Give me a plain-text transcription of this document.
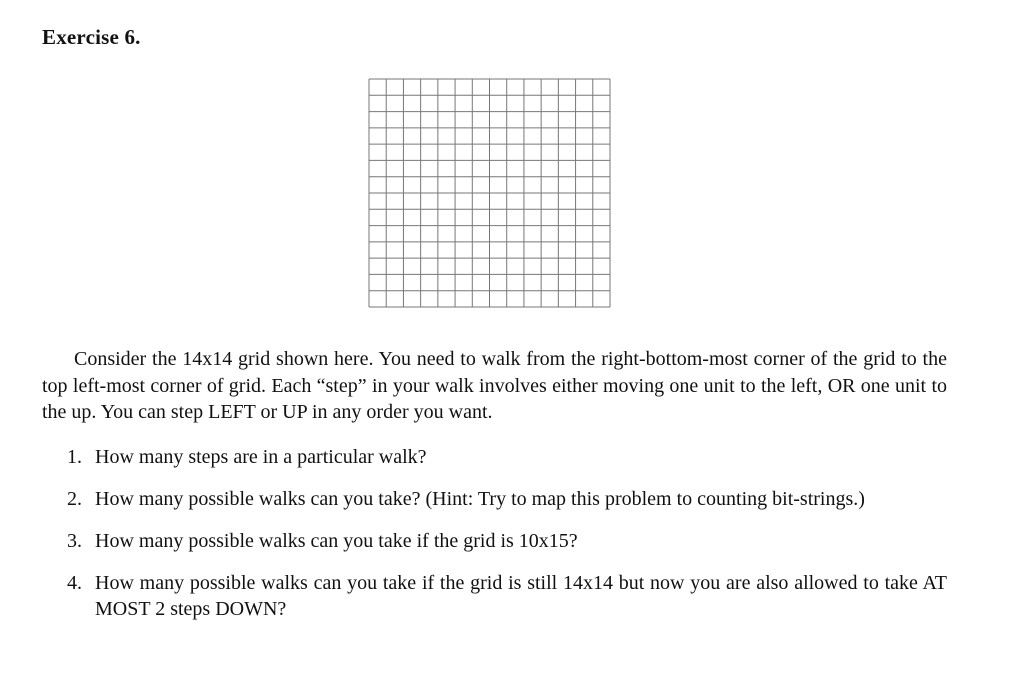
Exercise 6.
Consider the 14x14 grid shown here. You need to walk from the right-bottom-most corner of the grid to the top left-most corner of grid. Each “step” in your walk involves either moving one unit to the left, OR one unit to the up. You can step LEFT or UP in any order you want.
1. How many steps are in a particular walk?
2. How many possible walks can you take? (Hint: Try to map this problem to counting bit-strings.)
3. How many possible walks can you take if the grid is 10x15?
4. How many possible walks can you take if the grid is still 14x14 but now you are also allowed to take AT MOST 2 steps DOWN?
